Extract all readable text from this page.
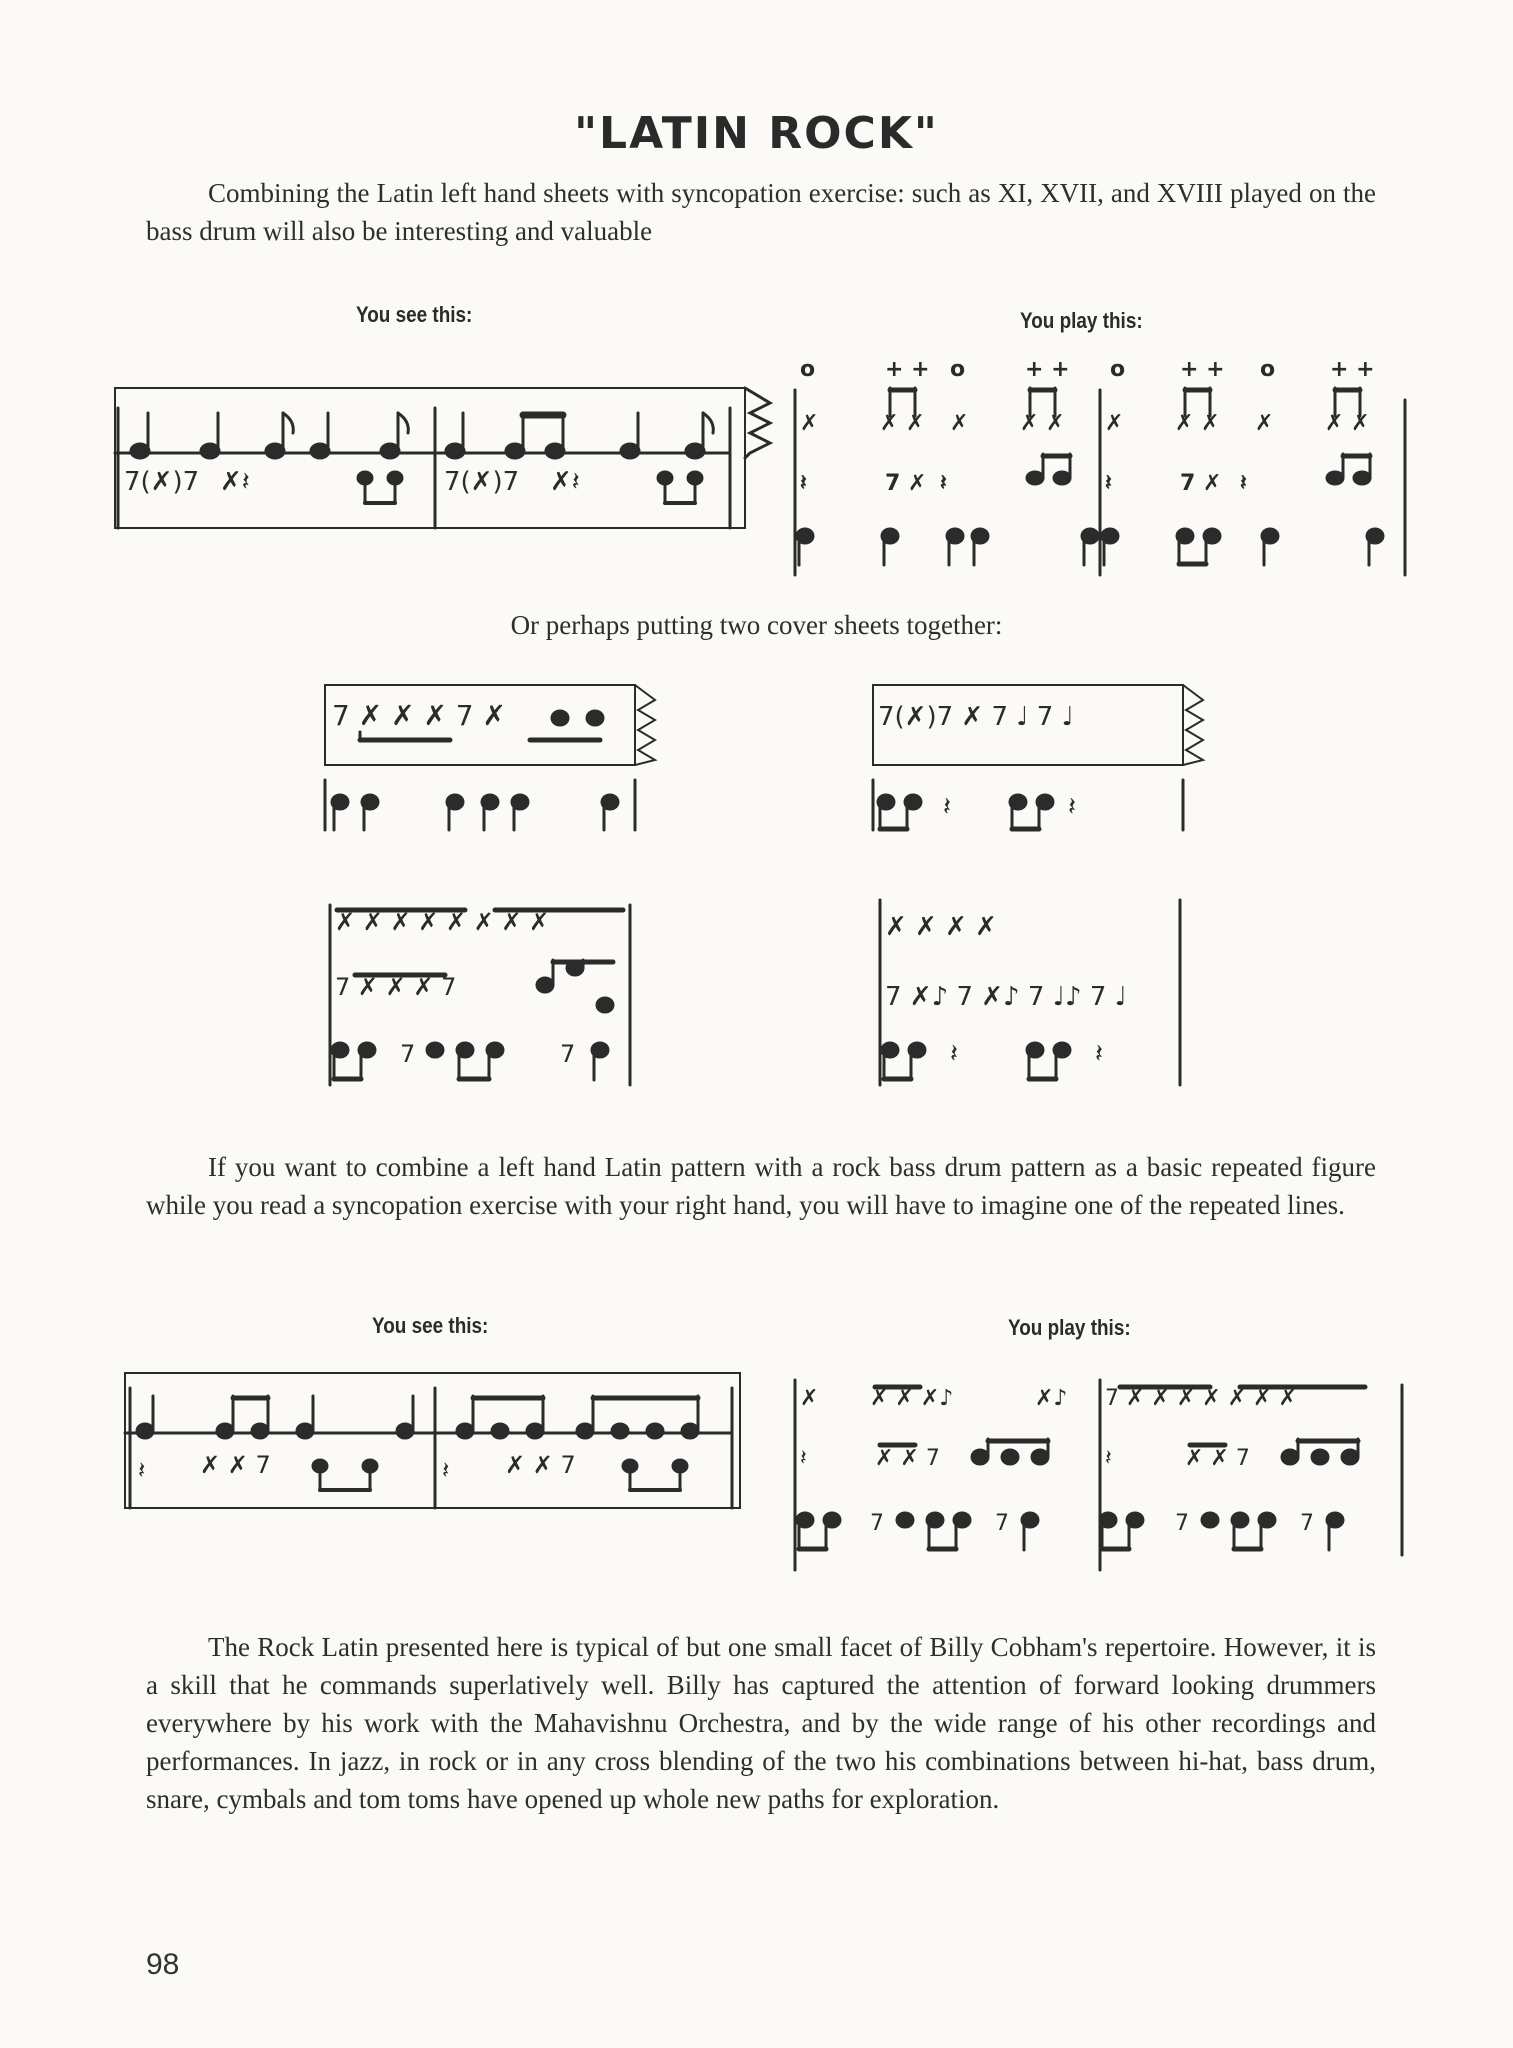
"LATIN ROCK"
Combining the Latin left hand sheets with syncopation exercise: such as XI, XVII, and XVIII played on the bass drum will also be interesting and valuable
You see this:	You play this:
7(✗)7 ✗𝄽	7(✗)7 ✗𝄽
o	+ + o	+ + o + + o + +
✗	✗ ✗ ✗ ✗ ✗ ✗ ✗ ✗ ✗ ✗ ✗
𝄽	7 ✗ 𝄽	𝄽	7 ✗ 𝄽
Or perhaps putting two cover sheets together:
7 ✗ ✗ ✗ 7 ✗	7(✗)7 ✗ 7 ♩ 7 ♩
𝄽	𝄽
✗ ✗ ✗ ✗ ✗ ✗ ✗ ✗
7 ✗ ✗ ✗ 7
7	7
✗ ✗ ✗ ✗
7 ✗♪ 7 ✗♪ 7 ♩♪ 7 ♩
𝄽	𝄽
If you want to combine a left hand Latin pattern with a rock bass drum pattern as a basic repeated figure while you read a syncopation exercise with your right hand, you will have to imagine one of the repeated lines.
You see this:	You play this:
𝄽 ✗ ✗ 7	𝄽 ✗ ✗ 7
✗ ✗ ✗ ✗♪	✗♪ 7 ✗ ✗ ✗ ✗ ✗ ✗ ✗
𝄽	✗ ✗ 7	𝄽	✗ ✗ 7
7	7	7	7
The Rock Latin presented here is typical of but one small facet of Billy Cobham's repertoire. However, it is a skill that he commands superlatively well. Billy has captured the attention of forward looking drummers everywhere by his work with the Mahavishnu Orchestra, and by the wide range of his other recordings and performances. In jazz, in rock or in any cross blending of the two his combinations between hi-hat, bass drum, snare, cymbals and tom toms have opened up whole new paths for exploration.
98
